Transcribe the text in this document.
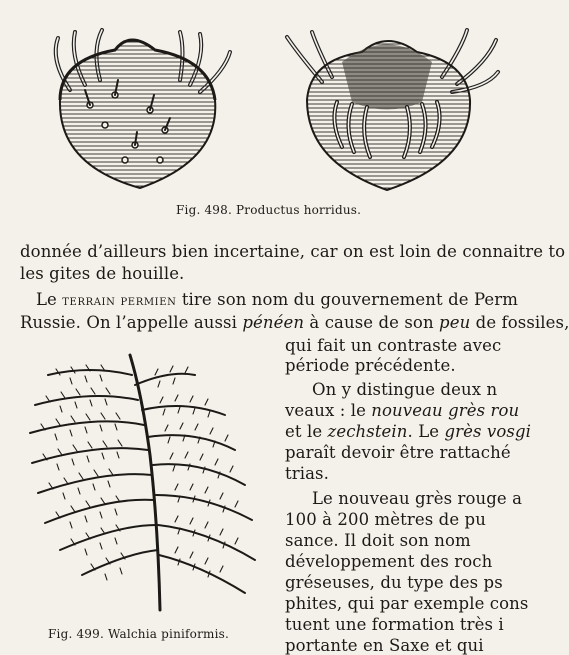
Fig. 498. Productus horridus.
donnée d’ailleurs bien incertaine, car on est loin de connaitre to
les gites de houille.
Le terrain permien tire son nom du gouvernement de Perm
Russie. On l’appelle aussi pénéen à cause de son peu de fossiles,
Fig. 499. Walchia piniformis.
qui fait un contraste avec
période précédente.
On y distingue deux n
veaux : le nouveau grès rou
et le zechstein. Le grès vosgi
paraît devoir être rattaché
trias.
Le nouveau grès rouge a
100 à 200 mètres de pu
sance. Il doit son nom
développement des roch
gréseuses, du type des ps
phites, qui par exemple cons
tuent une formation très i
portante en Saxe et qui
